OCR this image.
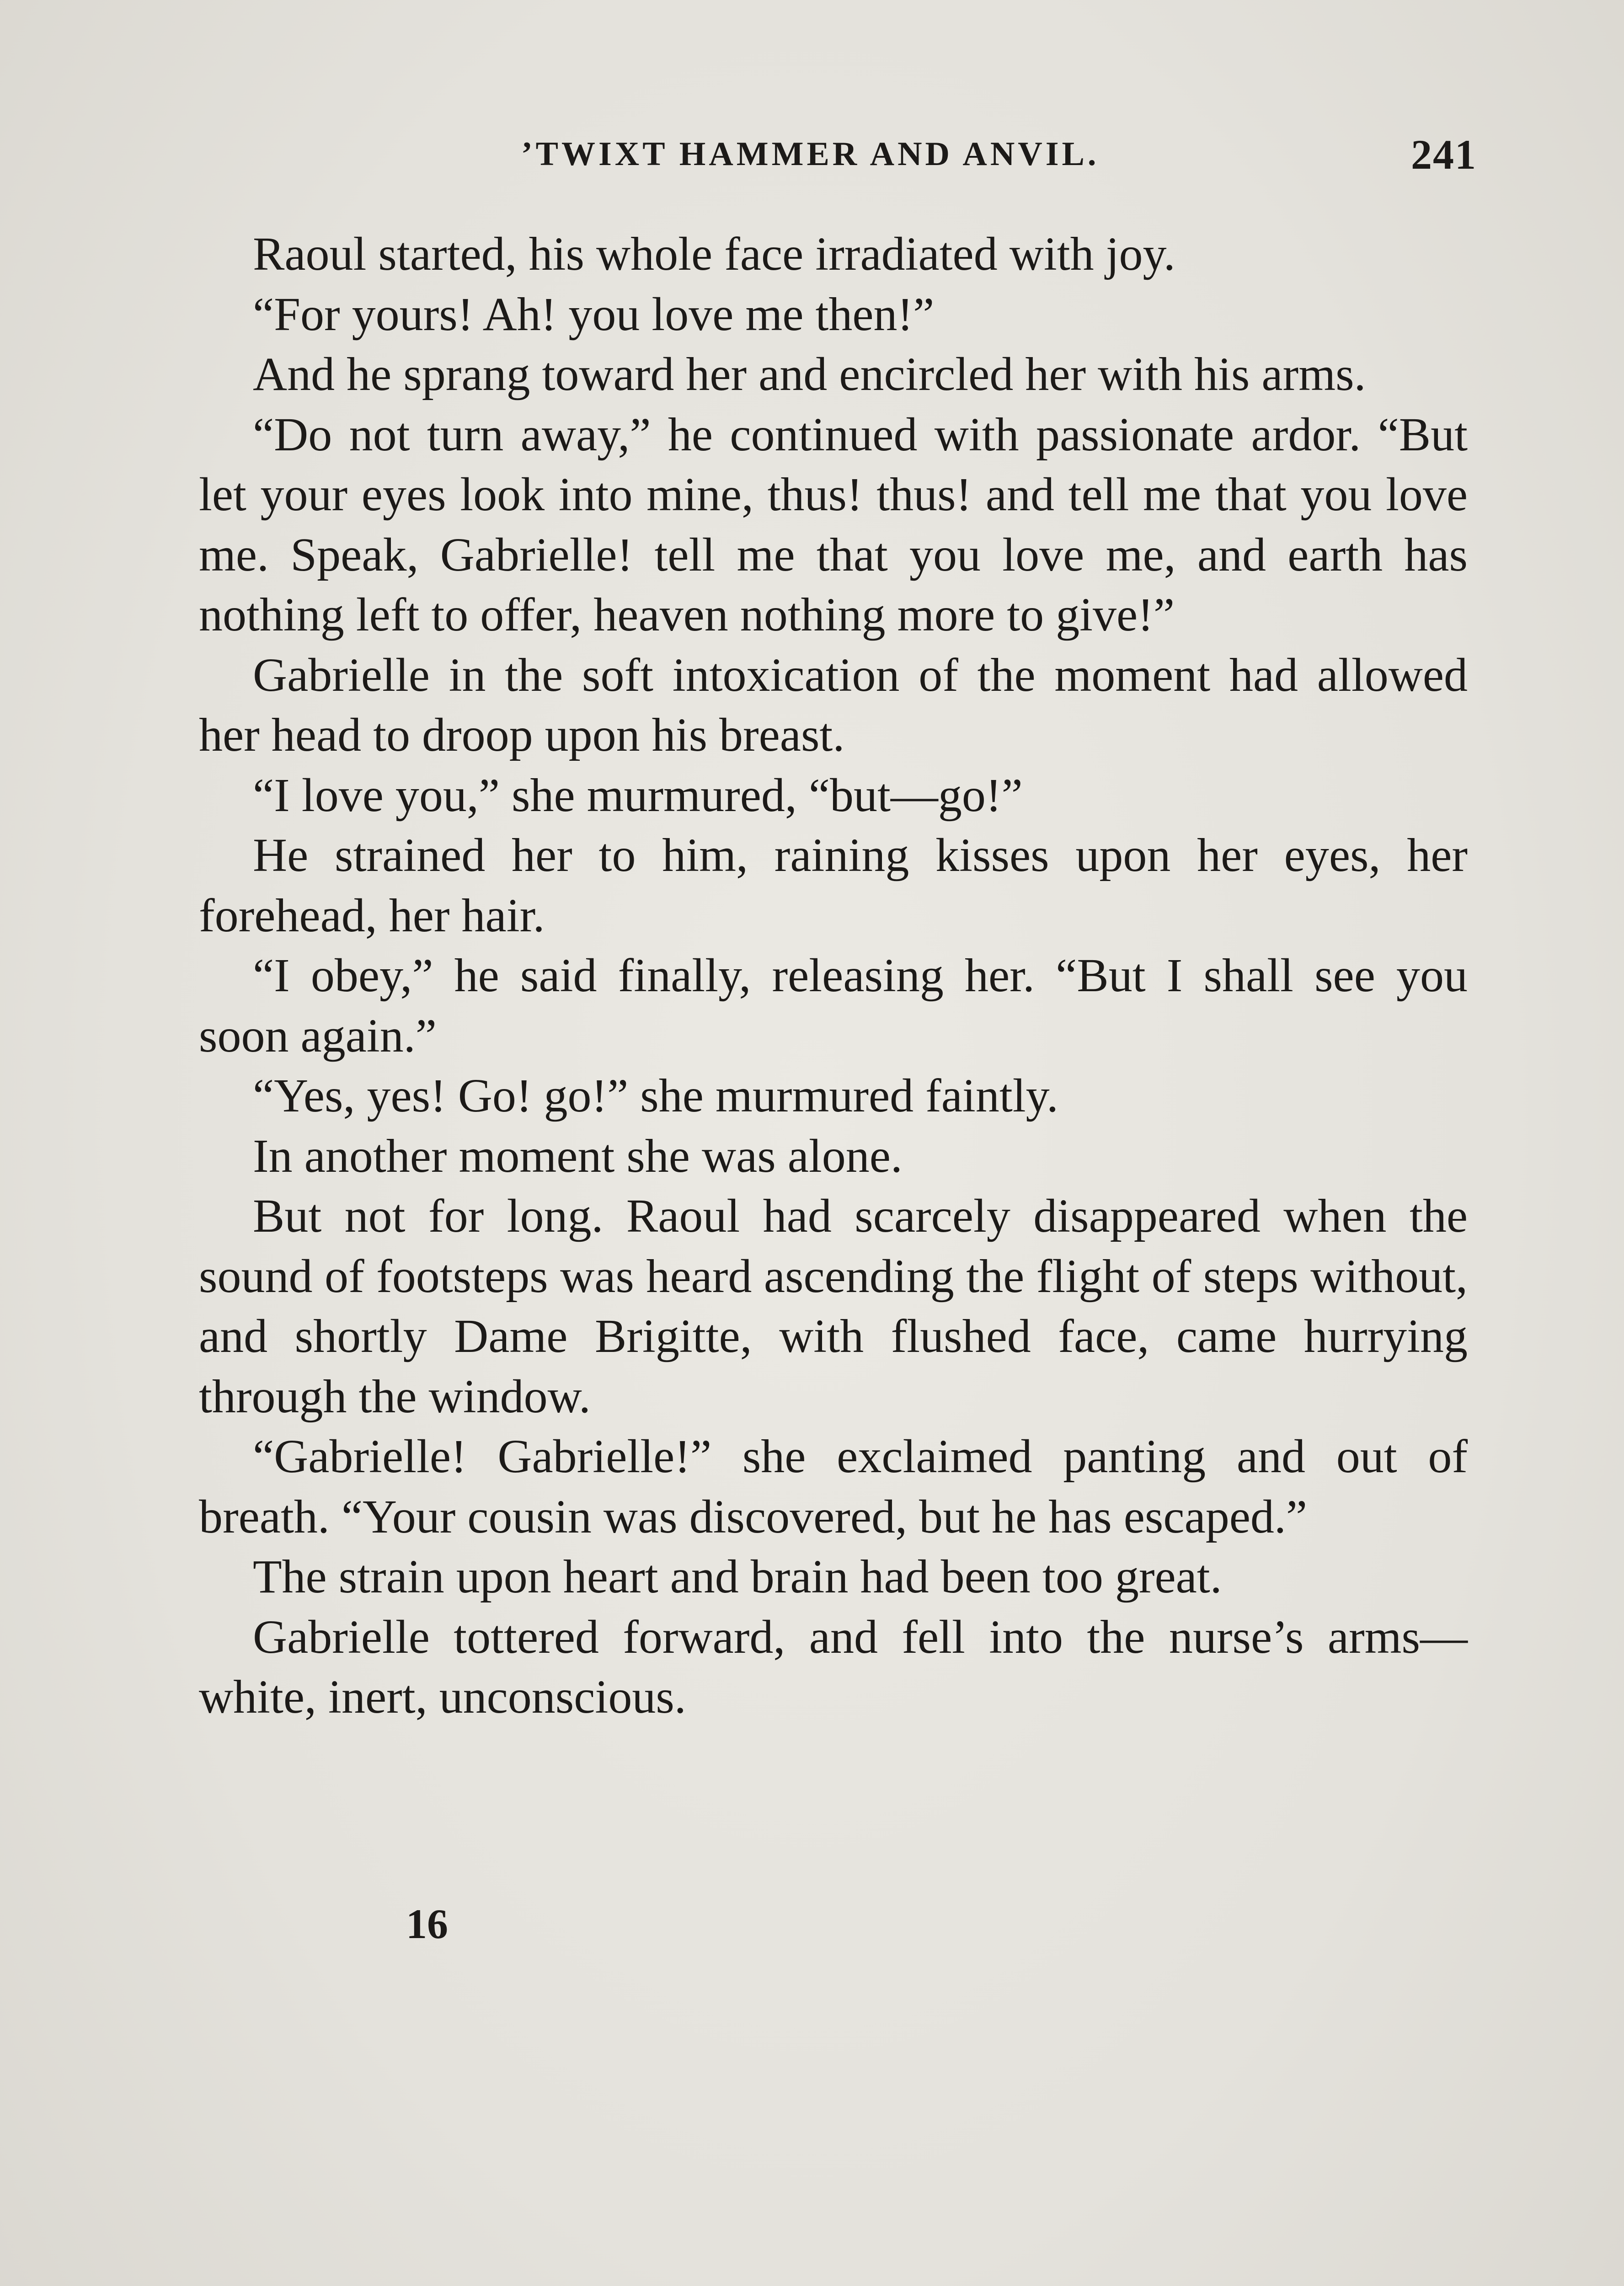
’TWIXT HAMMER AND ANVIL.	241

Raoul started, his whole face irradiated with joy.

“For yours! Ah! you love me then!”

And he sprang toward her and encircled her with his arms.

“Do not turn away,” he continued with passionate ardor. “But let your eyes look into mine, thus! thus! and tell me that you love me. Speak, Gabrielle! tell me that you love me, and earth has nothing left to offer, heaven nothing more to give!”

Gabrielle in the soft intoxication of the moment had allowed her head to droop upon his breast.

“I love you,” she murmured, “but—go!”

He strained her to him, raining kisses upon her eyes, her forehead, her hair.

“I obey,” he said finally, releasing her. “But I shall see you soon again.”

“Yes, yes! Go! go!” she murmured faintly.

In another moment she was alone.

But not for long. Raoul had scarcely disappeared when the sound of footsteps was heard ascending the flight of steps without, and shortly Dame Brigitte, with flushed face, came hurrying through the window.

“Gabrielle! Gabrielle!” she exclaimed panting and out of breath. “Your cousin was discovered, but he has escaped.”

The strain upon heart and brain had been too great.

Gabrielle tottered forward, and fell into the nurse’s arms—white, inert, unconscious.

16
